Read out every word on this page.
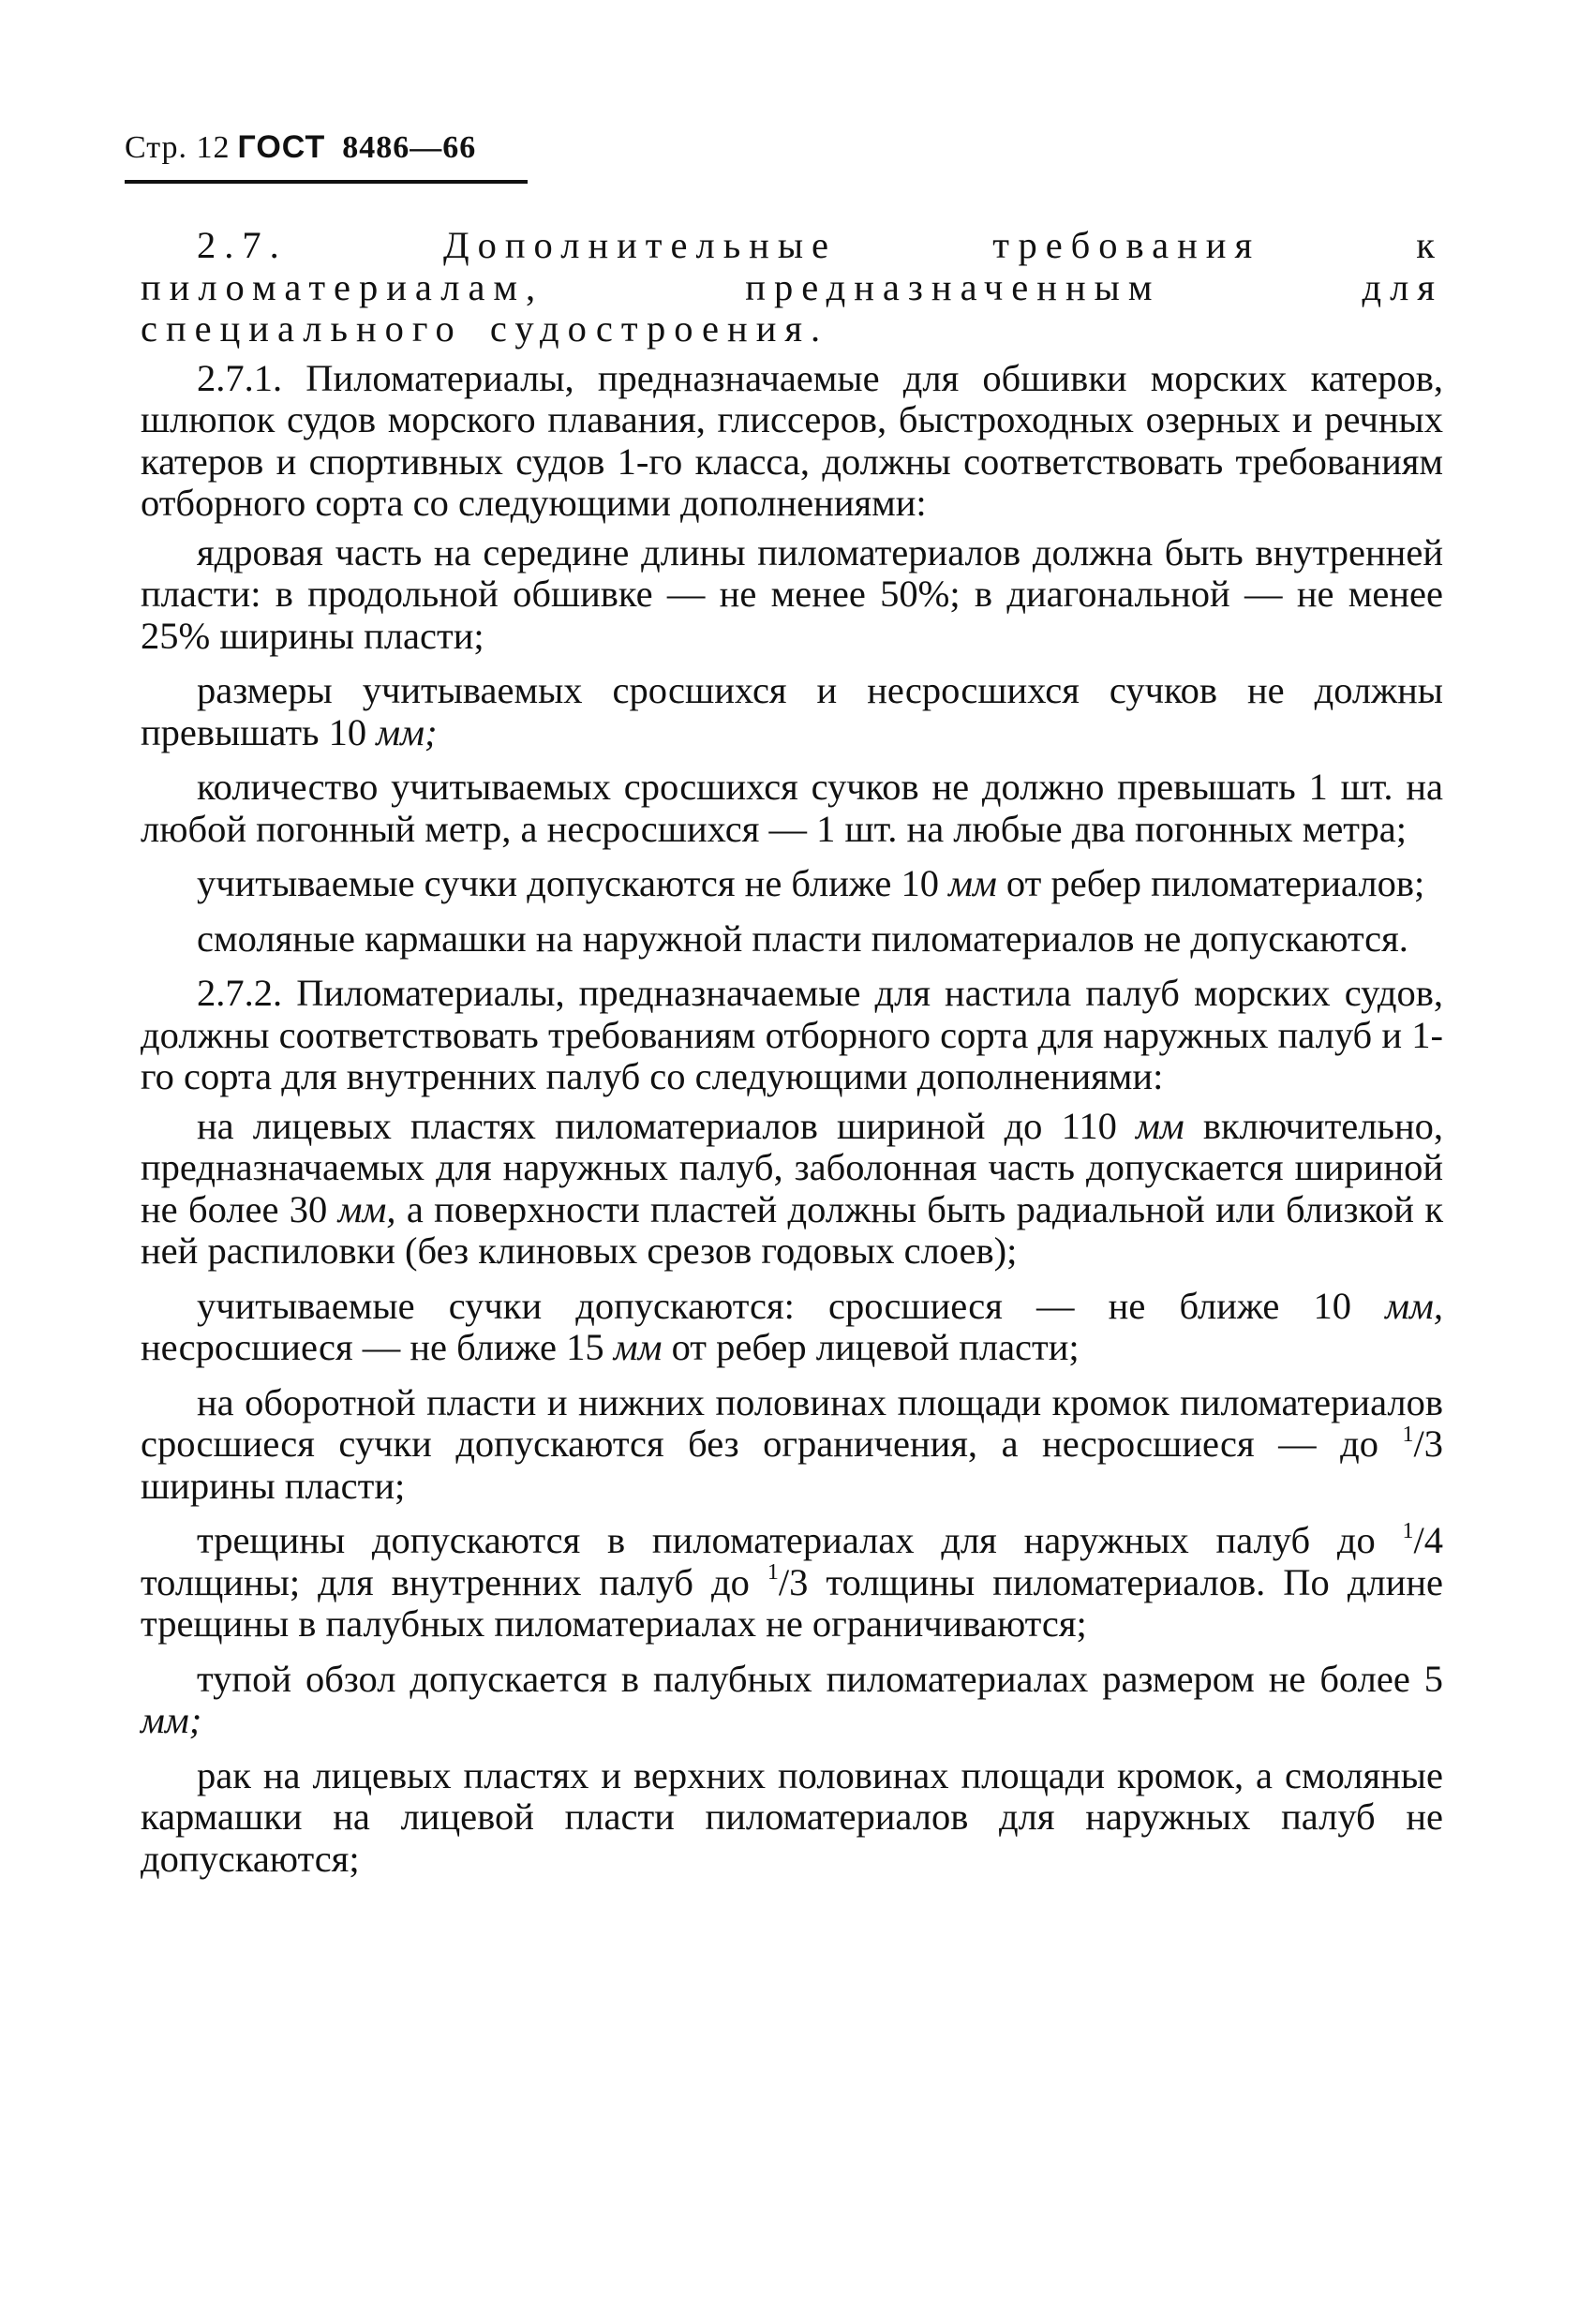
Стр. 12 ГОСТ 8486—66

2.7. Дополнительные требования к пиломатериалам, предназначенным для специального судостроения.

2.7.1. Пиломатериалы, предназначаемые для обшивки морских катеров, шлюпок судов морского плавания, глиссеров, быстроходных озерных и речных катеров и спортивных судов 1-го класса, должны соответствовать требованиям отборного сорта со следующими дополнениями:

ядровая часть на середине длины пиломатериалов должна быть внутренней пласти: в продольной обшивке — не менее 50%; в диагональной — не менее 25% ширины пласти;

размеры учитываемых сросшихся и несросшихся сучков не должны превышать 10 мм;

количество учитываемых сросшихся сучков не должно превышать 1 шт. на любой погонный метр, а несросшихся — 1 шт. на любые два погонных метра;

учитываемые сучки допускаются не ближе 10 мм от ребер пиломатериалов;

смоляные кармашки на наружной пласти пиломатериалов не допускаются.

2.7.2. Пиломатериалы, предназначаемые для настила палуб морских судов, должны соответствовать требованиям отборного сорта для наружных палуб и 1-го сорта для внутренних палуб со следующими дополнениями:

на лицевых пластях пиломатериалов шириной до 110 мм включительно, предназначаемых для наружных палуб, заболонная часть допускается шириной не более 30 мм, а поверхности пластей должны быть радиальной или близкой к ней распиловки (без клиновых срезов годовых слоев);

учитываемые сучки допускаются: сросшиеся — не ближе 10 мм, несросшиеся — не ближе 15 мм от ребер лицевой пласти;

на оборотной пласти и нижних половинах площади кромок пиломатериалов сросшиеся сучки допускаются без ограничения, а несросшиеся — до $^1$/3 ширины пласти;

трещины допускаются в пиломатериалах для наружных палуб до $^1$/4 толщины; для внутренних палуб до $^1$/3 толщины пиломатериалов. По длине трещины в палубных пиломатериалах не ограничиваются;

тупой обзол допускается в палубных пиломатериалах размером не более 5 мм;

рак на лицевых пластях и верхних половинах площади кромок, а смоляные кармашки на лицевой пласти пиломатериалов для наружных палуб не допускаются;
